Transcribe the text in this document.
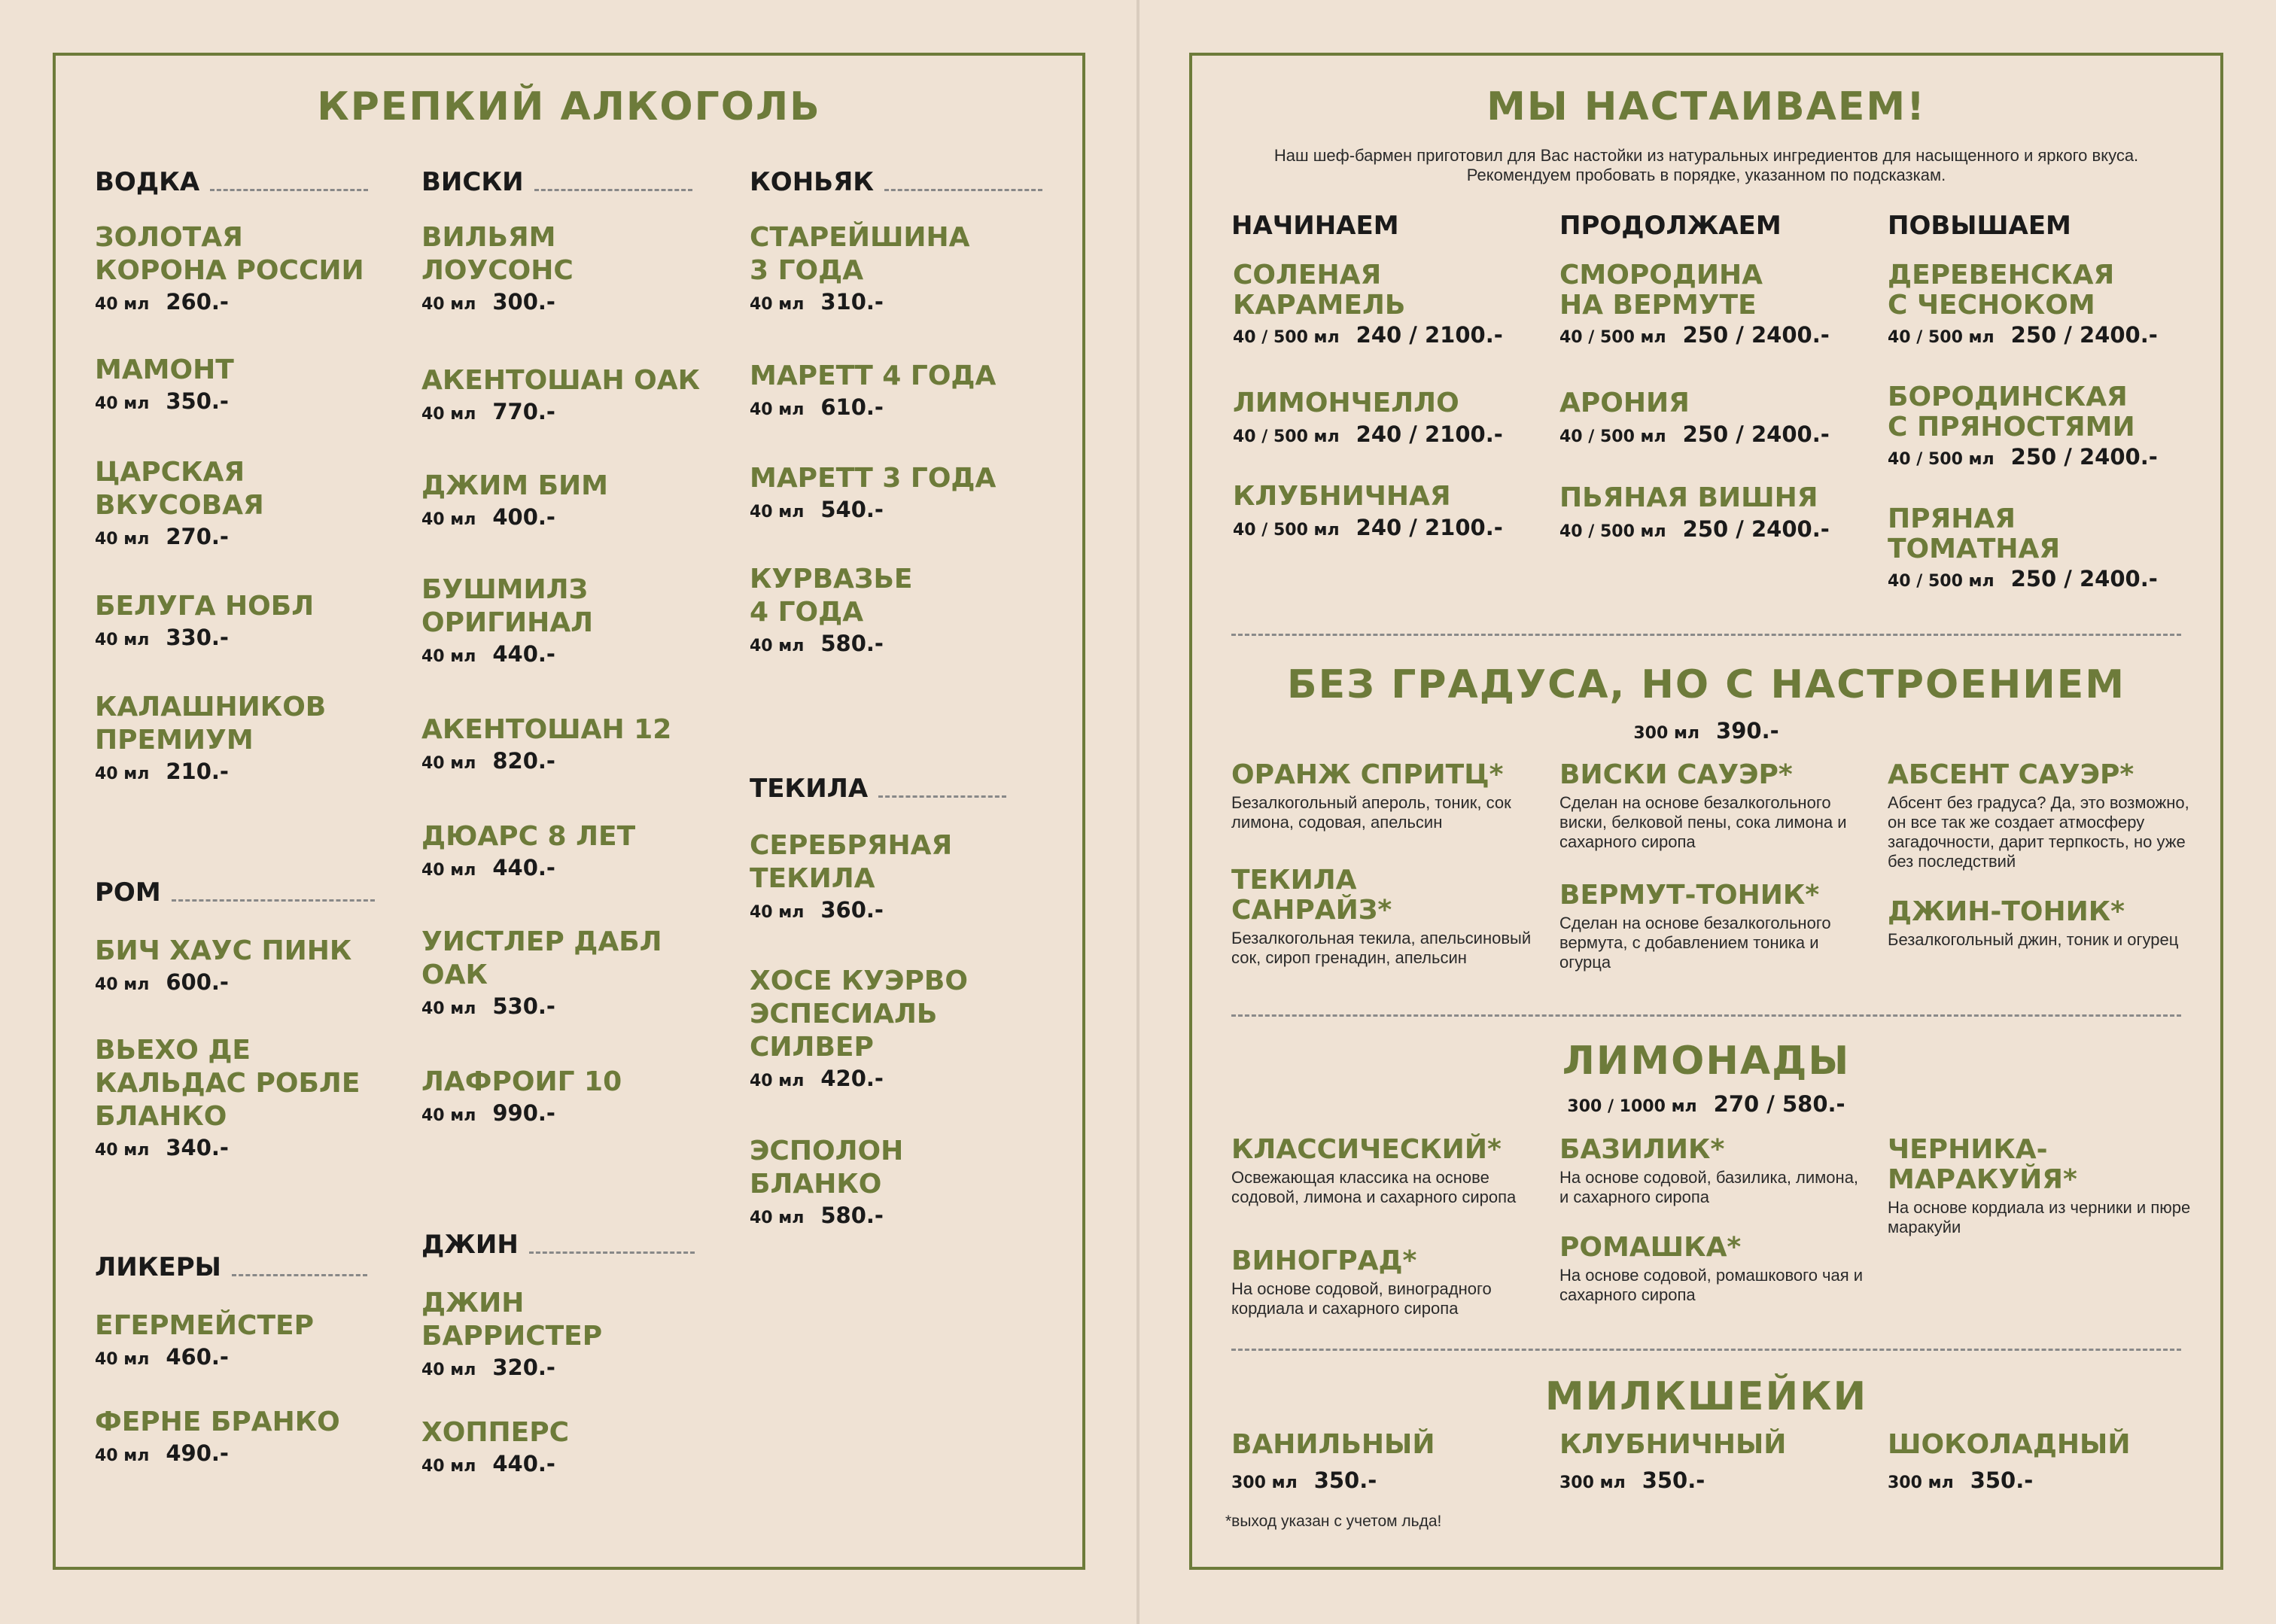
КРЕПКИЙ АЛКОГОЛЬ
ВОДКА	ВИСКИ	КОНЬЯК
РОМ
ТЕКИЛА
ЛИКЕРЫ
ДЖИН
ЗОЛОТАЯ
КОРОНА РОССИИ
40 мл 260.-
МАМОНТ
40 мл 350.-
ЦАРСКАЯ
ВКУСОВАЯ
40 мл 270.-
БЕЛУГА НОБЛ
40 мл 330.-
КАЛАШНИКОВ
ПРЕМИУМ
40 мл 210.-
БИЧ ХАУС ПИНК
40 мл 600.-
ВЬЕХО ДЕ
КАЛЬДАС РОБЛЕ
БЛАНКО
40 мл 340.-
ЕГЕРМЕЙСТЕР
40 мл 460.-
ФЕРНЕ БРАНКО
40 мл 490.-
ВИЛЬЯМ
ЛОУСОНС
40 мл 300.-
АКЕНТОШАН ОАК
40 мл 770.-
ДЖИМ БИМ
40 мл 400.-
БУШМИЛЗ
ОРИГИНАЛ
40 мл 440.-
АКЕНТОШАН 12
40 мл 820.-
ДЮАРС 8 ЛЕТ
40 мл 440.-
УИСТЛЕР ДАБЛ
ОАК
40 мл 530.-
ЛАФРОИГ 10
40 мл 990.-
ДЖИН
БАРРИСТЕР
40 мл 320.-
ХОППЕРС
40 мл 440.-
СТАРЕЙШИНА
3 ГОДА
40 мл 310.-
МАРЕТТ 4 ГОДА
40 мл 610.-
МАРЕТТ 3 ГОДА
40 мл 540.-
КУРВАЗЬЕ
4 ГОДА
40 мл 580.-
СЕРЕБРЯНАЯ
ТЕКИЛА
40 мл 360.-
ХОСЕ КУЭРВО
ЭСПЕСИАЛЬ
СИЛВЕР
40 мл 420.-
ЭСПОЛОН
БЛАНКО
40 мл 580.-
МЫ НАСТАИВАЕМ!
Наш шеф-бармен приготовил для Вас настойки из натуральных ингредиентов для насыщенного и яркого вкуса.
Рекомендуем пробовать в порядке, указанном по подсказкам.
НАЧИНАЕМ	ПРОДОЛЖАЕМ	ПОВЫШАЕМ
СОЛЕНАЯ
КАРАМЕЛЬ
40 / 500 мл 240 / 2100.-
ЛИМОНЧЕЛЛО
40 / 500 мл 240 / 2100.-
КЛУБНИЧНАЯ
40 / 500 мл 240 / 2100.-
СМОРОДИНА
НА ВЕРМУТЕ
40 / 500 мл 250 / 2400.-
АРОНИЯ
40 / 500 мл 250 / 2400.-
ПЬЯНАЯ ВИШНЯ
40 / 500 мл 250 / 2400.-
ДЕРЕВЕНСКАЯ
С ЧЕСНОКОМ
40 / 500 мл 250 / 2400.-
БОРОДИНСКАЯ
С ПРЯНОСТЯМИ
40 / 500 мл 250 / 2400.-
ПРЯНАЯ
ТОМАТНАЯ
40 / 500 мл 250 / 2400.-
БЕЗ ГРАДУСА, НО С НАСТРОЕНИЕМ
300 мл 390.-
ОРАНЖ СПРИТЦ*
Безалкогольный апероль, тоник, сок лимона, содовая, апельсин
ТЕКИЛА
САНРАЙЗ*
Безалкогольная текила, апельсиновый сок, сироп гренадин, апельсин
ВИСКИ САУЭР*
Сделан на основе безалкогольного виски, белковой пены, сока лимона и сахарного сиропа
ВЕРМУТ-ТОНИК*
Сделан на основе безалкогольного вермута, с добавлением тоника и огурца
АБСЕНТ САУЭР*
Абсент без градуса? Да, это возможно, он все так же создает атмосферу загадочности, дарит терпкость, но уже без последствий
ДЖИН-ТОНИК*
Безалкогольный джин, тоник и огурец
ЛИМОНАДЫ
300 / 1000 мл 270 / 580.-
КЛАССИЧЕСКИЙ*
Освежающая классика на основе содовой, лимона и сахарного сиропа
ВИНОГРАД*
На основе содовой, виноградного кордиала и сахарного сиропа
БАЗИЛИК*
На основе содовой, базилика, лимона, и сахарного сиропа
РОМАШКА*
На основе содовой, ромашкового чая и сахарного сиропа
ЧЕРНИКА-
МАРАКУЙЯ*
На основе кордиала из черники и пюре маракуйи
МИЛКШЕЙКИ
ВАНИЛЬНЫЙ
300 мл 350.-
КЛУБНИЧНЫЙ
300 мл 350.-
ШОКОЛАДНЫЙ
300 мл 350.-
*выход указан с учетом льда!
